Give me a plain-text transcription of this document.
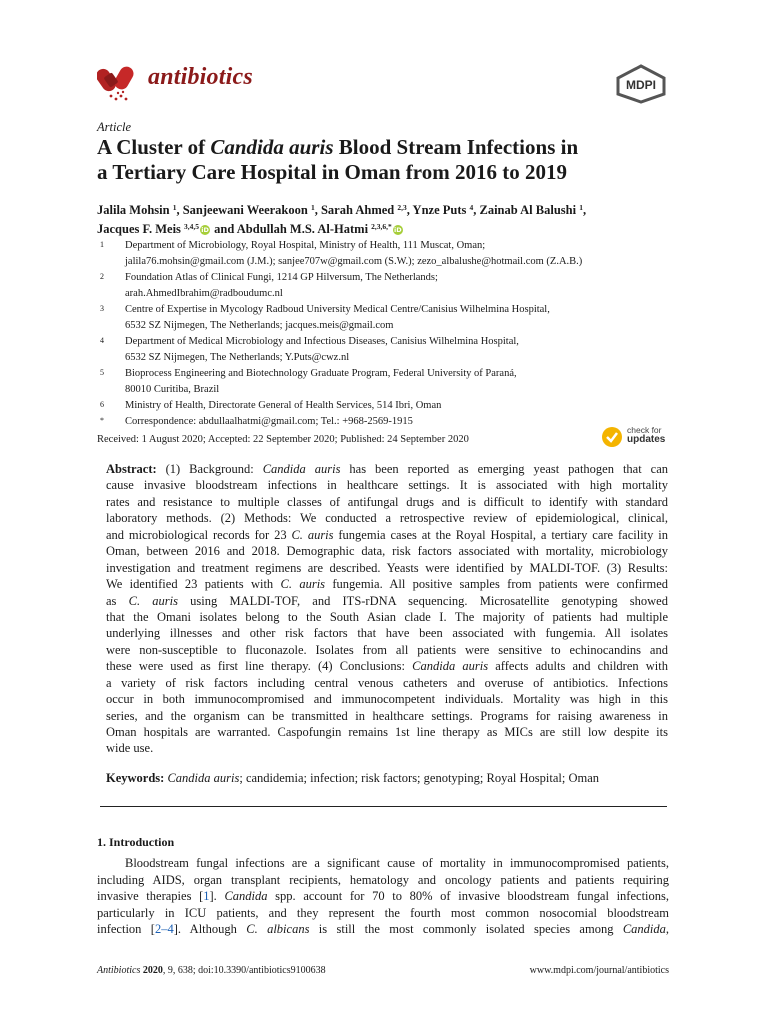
antibiotics	MDPI
Article
A Cluster of Candida auris Blood Stream Infections in
a Tertiary Care Hospital in Oman from 2016 to 2019
Jalila Mohsin $^1$, Sanjeewani Weerakoon $^1$, Sarah Ahmed $^{2,3}$, Ynze Puts $^4$, Zainab Al Balushi $^1$,
Jacques F. Meis $^{3,4,5}$ iD and Abdullah M.S. Al-Hatmi $^{2,3,6,*}$ iD
1	Department of Microbiology, Royal Hospital, Ministry of Health, 111 Muscat, Oman;
jalila76.mohsin@gmail.com (J.M.); sanjee707w@gmail.com (S.W.); zezo_albalushe@hotmail.com (Z.A.B.)
2	Foundation Atlas of Clinical Fungi, 1214 GP Hilversum, The Netherlands;
arah.AhmedIbrahim@radboudumc.nl
3	Centre of Expertise in Mycology Radboud University Medical Centre/Canisius Wilhelmina Hospital,
6532 SZ Nijmegen, The Netherlands; jacques.meis@gmail.com
4	Department of Medical Microbiology and Infectious Diseases, Canisius Wilhelmina Hospital,
6532 SZ Nijmegen, The Netherlands; Y.Puts@cwz.nl
5	Bioprocess Engineering and Biotechnology Graduate Program, Federal University of Paraná,
80010 Curitiba, Brazil
6	Ministry of Health, Directorate General of Health Services, 514 Ibri, Oman
*	Correspondence: abdullaalhatmi@gmail.com; Tel.: +968-2569-1915
Received: 1 August 2020; Accepted: 22 September 2020; Published: 24 September 2020
check for
updates
Abstract: (1) Background: Candida auris has been reported as emerging yeast pathogen that can
cause invasive bloodstream infections in healthcare settings. It is associated with high mortality
rates and resistance to multiple classes of antifungal drugs and is difficult to identify with standard
laboratory methods. (2) Methods: We conducted a retrospective review of epidemiological, clinical,
and microbiological records for 23 C. auris fungemia cases at the Royal Hospital, a tertiary care facility in
Oman, between 2016 and 2018. Demographic data, risk factors associated with mortality, microbiology
investigation and treatment regimens are described. Yeasts were identified by MALDI-TOF. (3) Results:
We identified 23 patients with C. auris fungemia. All positive samples from patients were confirmed
as C. auris using MALDI-TOF, and ITS-rDNA sequencing. Microsatellite genotyping showed
that the Omani isolates belong to the South Asian clade I. The majority of patients had multiple
underlying illnesses and other risk factors that have been associated with fungemia. All isolates
were non-susceptible to fluconazole. Isolates from all patients were sensitive to echinocandins and
these were used as first line therapy. (4) Conclusions: Candida auris affects adults and children with
a variety of risk factors including central venous catheters and overuse of antibiotics. Infections
occur in both immunocompromised and immunocompetent individuals. Mortality was high in this
series, and the organism can be transmitted in healthcare settings. Programs for raising awareness in
Oman hospitals are warranted. Caspofungin remains 1st line therapy as MICs are still low despite its
wide use.
Keywords: Candida auris; candidemia; infection; risk factors; genotyping; Royal Hospital; Oman
1. Introduction
Bloodstream fungal infections are a significant cause of mortality in immunocompromised patients,
including AIDS, organ transplant recipients, hematology and oncology patients and patients requiring
invasive therapies [1]. Candida spp. account for 70 to 80% of invasive bloodstream fungal infections,
particularly in ICU patients, and they represent the fourth most common nosocomial bloodstream
infection [2–4]. Although C. albicans is still the most commonly isolated species among Candida,
Antibiotics 2020, 9, 638; doi:10.3390/antibiotics9100638	www.mdpi.com/journal/antibiotics
